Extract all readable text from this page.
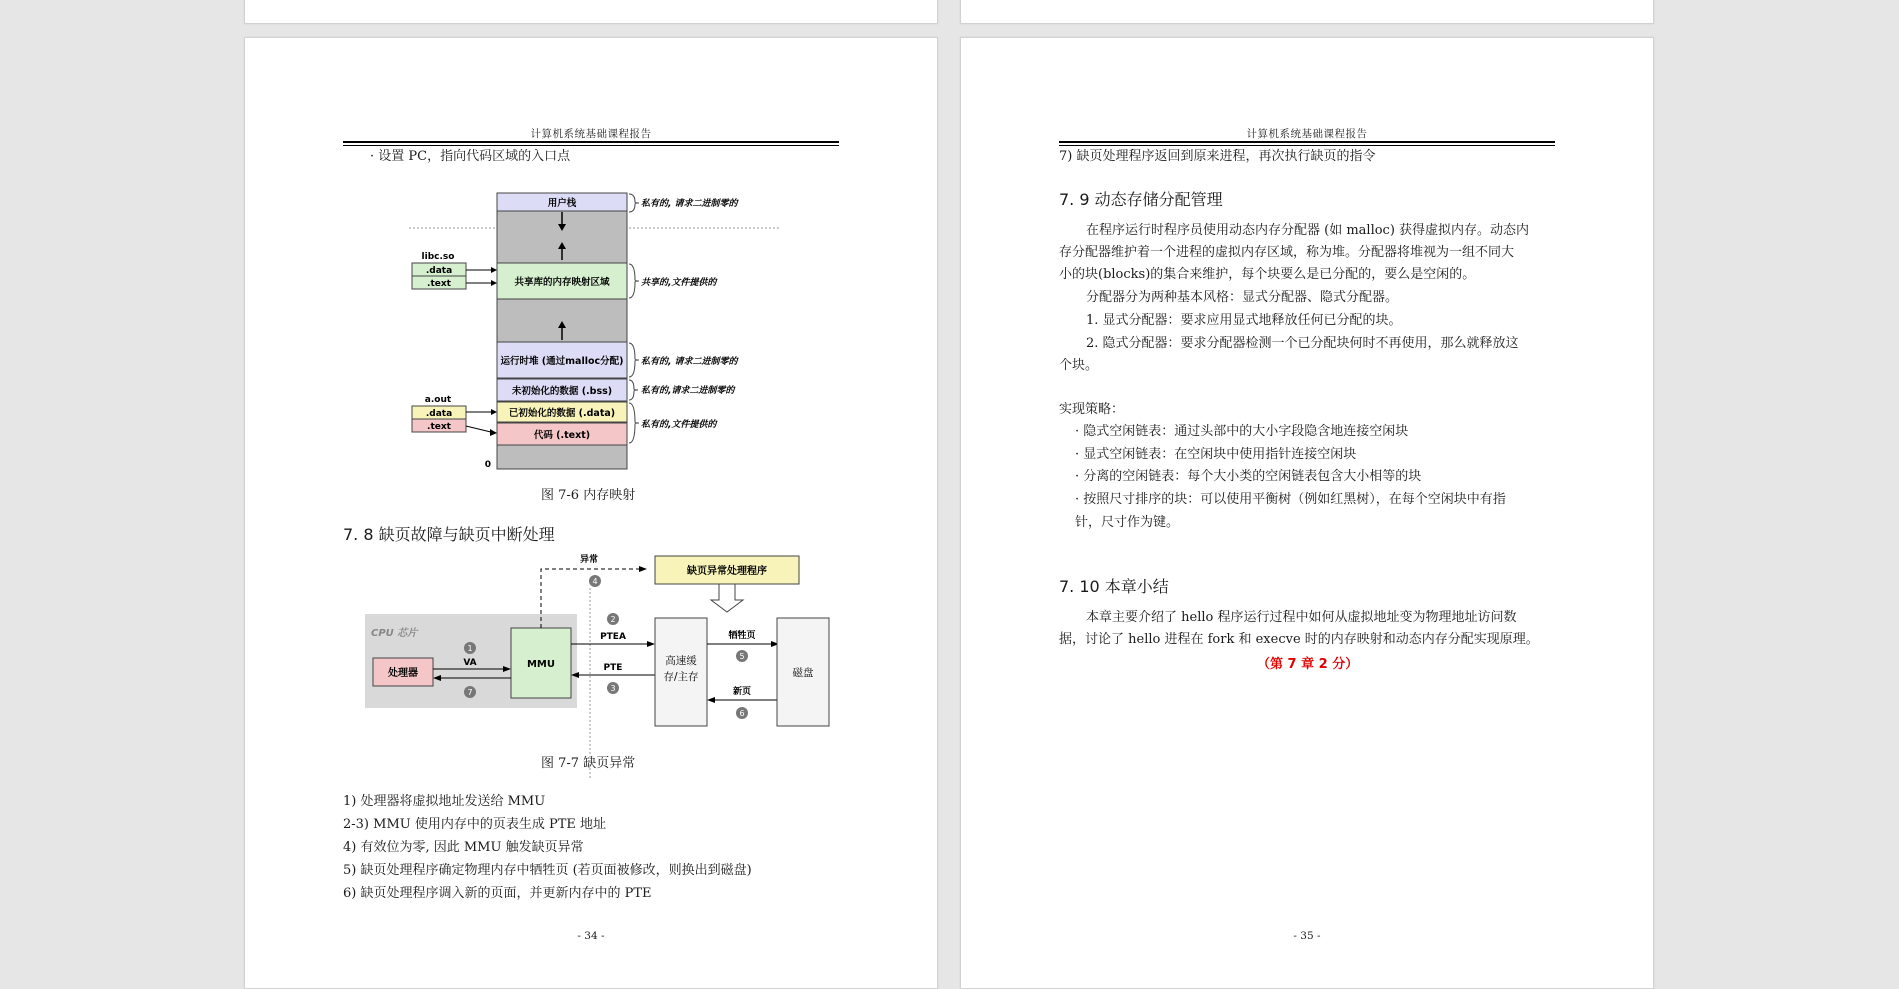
计算机系统基础课程报告
· 设置 PC，指向代码区域的入口点
用户栈
共享库的内存映射区域
运行时堆 (通过malloc分配)
未初始化的数据 (.bss)
已初始化的数据 (.data)
代码 (.text)
0
libc.so
.data
.text
a.out
.data
.text
私有的, 请求二进制零的
共享的,文件提供的
私有的, 请求二进制零的
私有的,请求二进制零的
私有的,文件提供的
图 7-6 内存映射
7. 8 缺页故障与缺页中断处理
CPU 芯片
处理器
MMU
1
VA
7
异常
4
缺页异常处理程序
2
PTEA
PTE
3
高速缓
存/主存
牺牲页
5
新页
6
磁盘
图 7-7 缺页异常
1) 处理器将虚拟地址发送给 MMU
2-3) MMU 使用内存中的页表生成 PTE 地址
4) 有效位为零, 因此 MMU 触发缺页异常
5) 缺页处理程序确定物理内存中牺牲页 (若页面被修改，则换出到磁盘)
6) 缺页处理程序调入新的页面，并更新内存中的 PTE
- 34 -
计算机系统基础课程报告
7) 缺页处理程序返回到原来进程，再次执行缺页的指令
7. 9 动态存储分配管理
在程序运行时程序员使用动态内存分配器 (如 malloc) 获得虚拟内存。动态内
存分配器维护着一个进程的虚拟内存区域，称为堆。分配器将堆视为一组不同大
小的块(blocks)的集合来维护，每个块要么是已分配的，要么是空闲的。
分配器分为两种基本风格：显式分配器、隐式分配器。
1. 显式分配器：要求应用显式地释放任何已分配的块。
2. 隐式分配器：要求分配器检测一个已分配块何时不再使用，那么就释放这
个块。
实现策略：
· 隐式空闲链表：通过头部中的大小字段隐含地连接空闲块
· 显式空闲链表：在空闲块中使用指针连接空闲块
· 分离的空闲链表：每个大小类的空闲链表包含大小相等的块
· 按照尺寸排序的块：可以使用平衡树（例如红黑树），在每个空闲块中有指
针，尺寸作为键。
7. 10 本章小结
本章主要介绍了 hello 程序运行过程中如何从虚拟地址变为物理地址访问数
据，讨论了 hello 进程在 fork 和 execve 时的内存映射和动态内存分配实现原理。
（第 7 章 2 分）
- 35 -
